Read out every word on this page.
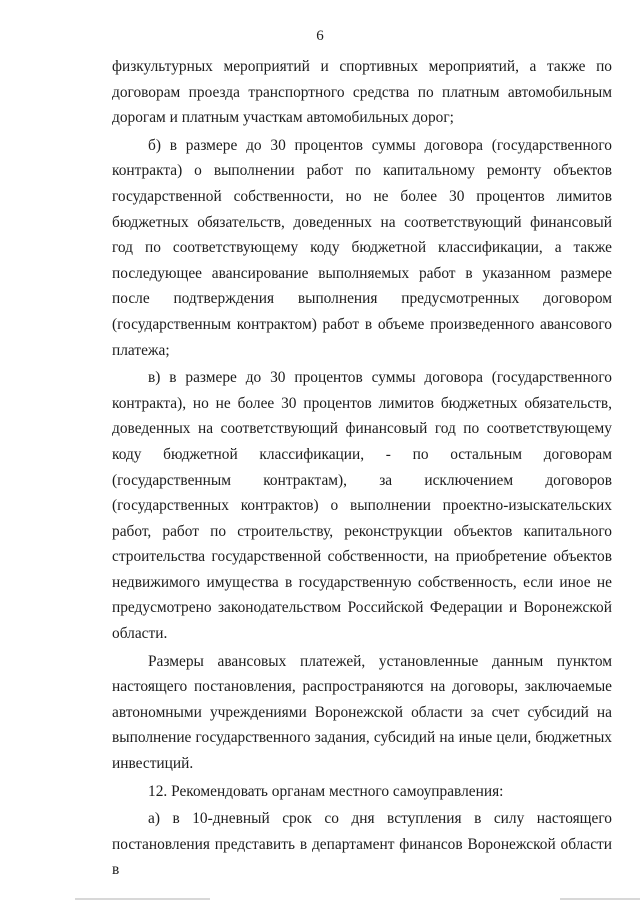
6

физкультурных мероприятий и спортивных мероприятий, а также по договорам проезда транспортного средства по платным автомобильным дорогам и платным участкам автомобильных дорог;

б) в размере до 30 процентов суммы договора (государственного контракта) о выполнении работ по капитальному ремонту объектов государственной собственности, но не более 30 процентов лимитов бюджетных обязательств, доведенных на соответствующий финансовый год по соответствующему коду бюджетной классификации, а также последующее авансирование выполняемых работ в указанном размере после подтверждения выполнения предусмотренных договором (государственным контрактом) работ в объеме произведенного авансового платежа;

в) в размере до 30 процентов суммы договора (государственного контракта), но не более 30 процентов лимитов бюджетных обязательств, доведенных на соответствующий финансовый год по соответствующему коду бюджетной классификации, - по остальным договорам (государственным контрактам), за исключением договоров (государственных контрактов) о выполнении проектно-изыскательских работ, работ по строительству, реконструкции объектов капитального строительства государственной собственности, на приобретение объектов недвижимого имущества в государственную собственность, если иное не предусмотрено законодательством Российской Федерации и Воронежской области.

Размеры авансовых платежей, установленные данным пунктом настоящего постановления, распространяются на договоры, заключаемые автономными учреждениями Воронежской области за счет субсидий на выполнение государственного задания, субсидий на иные цели, бюджетных инвестиций.

12. Рекомендовать органам местного самоуправления:

а) в 10-дневный срок со дня вступления в силу настоящего постановления представить в департамент финансов Воронежской области в
